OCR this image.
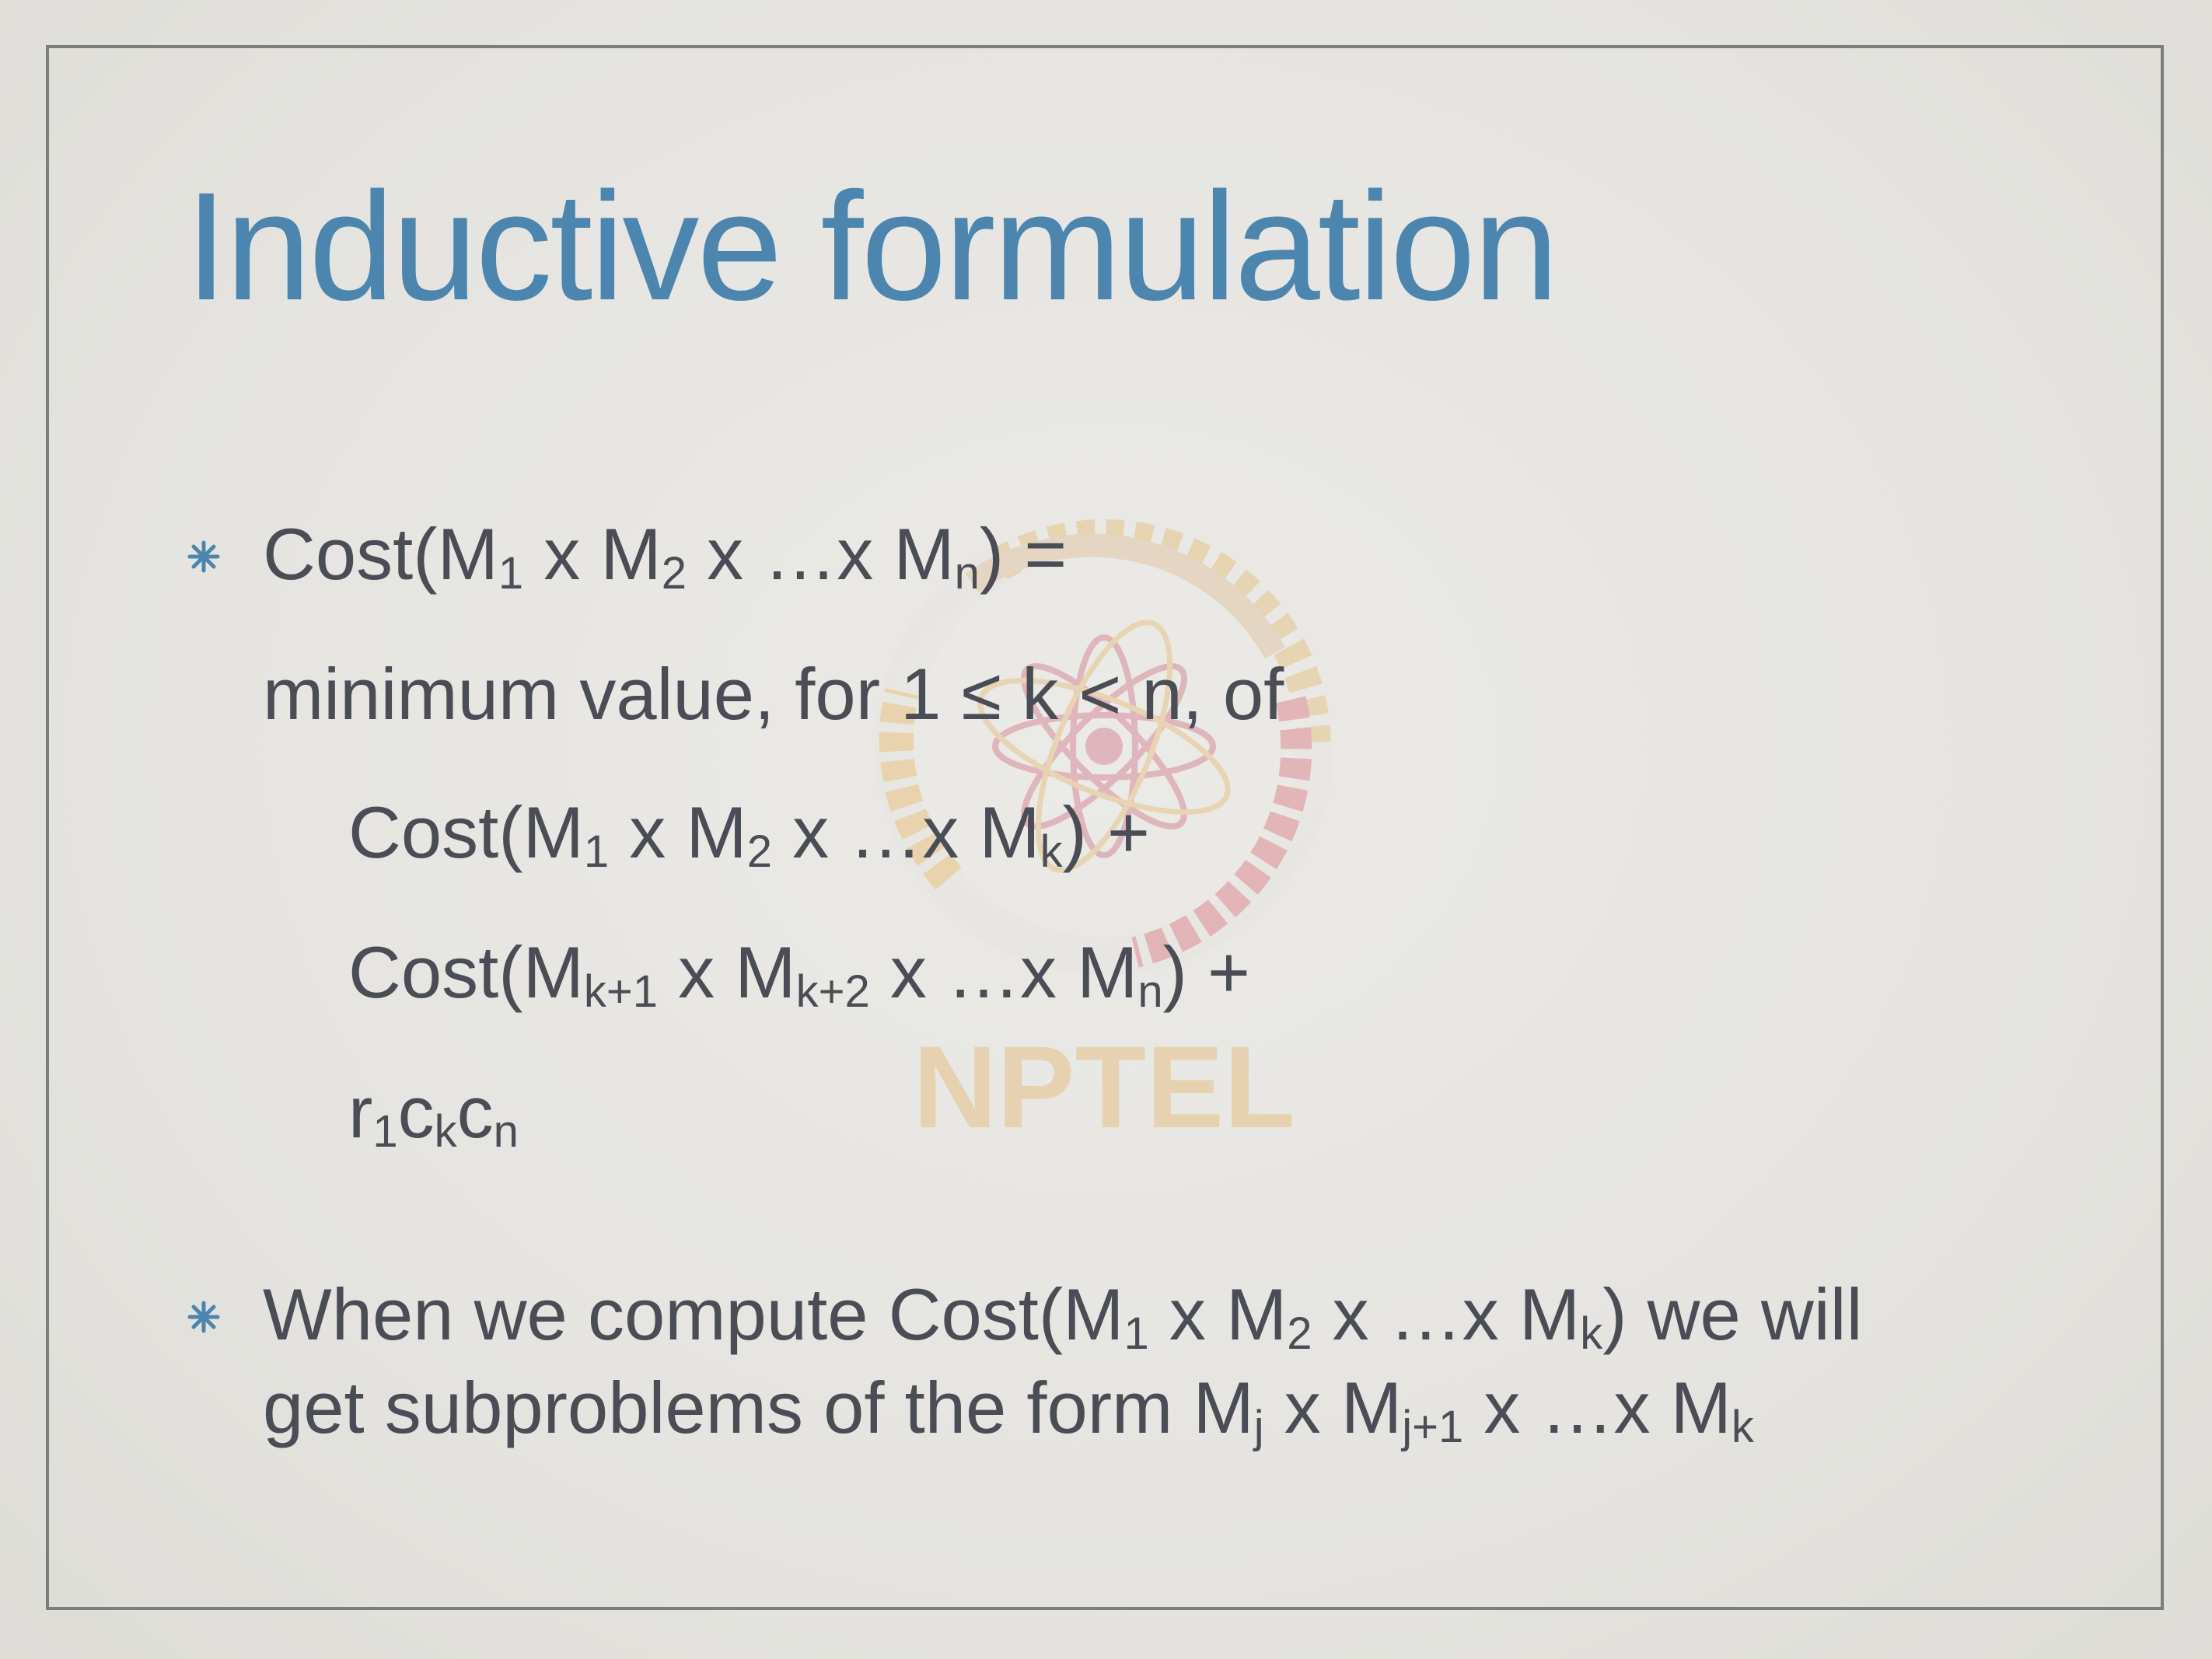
NPTEL
Inductive formulation
$Cost(M_1$ x $M_2$ x …x $M_n$) =
minimum value, for 1 ≤ k < n, of
$Cost(M_1$ x $M_2$ x …x $M_k$) +
$Cost(M_{k+1}$ x $M_{k+2}$ x …x $M_n$) +
$r_1c_kc_n$
When we compute $Cost(M_1$ x $M_2$ x …x $M_k$) we will
get subproblems of the form $M_j$ x $M_{j+1}$ x …x $M_k$
